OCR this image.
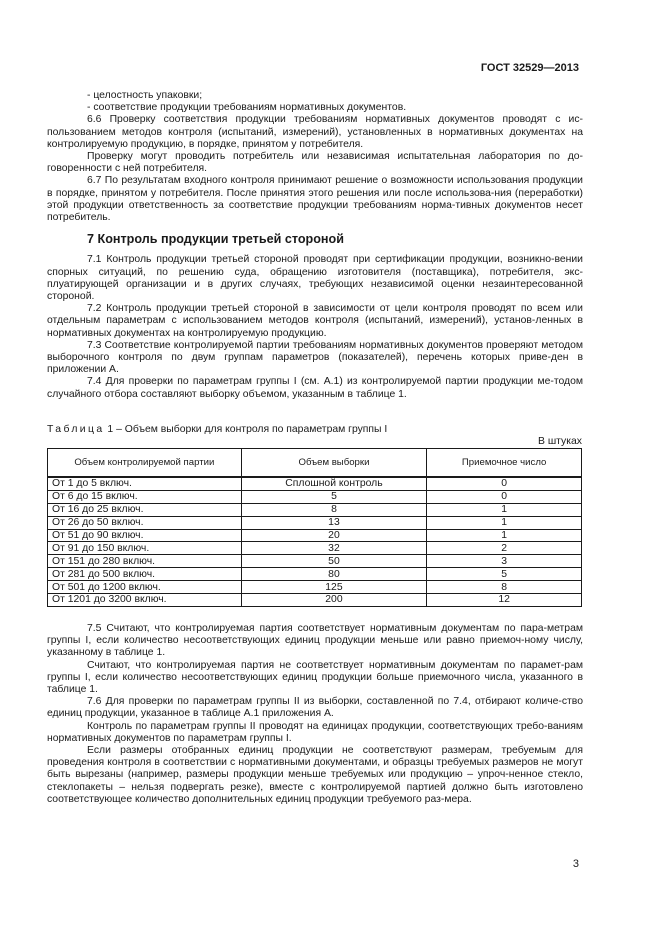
ГОСТ 32529—2013

- целостность упаковки;

- соответствие продукции требованиям нормативных документов.

6.6 Проверку соответствия продукции требованиям нормативных документов проводят с ис-пользованием методов контроля (испытаний, измерений), установленных в нормативных документах на контролируемую продукцию, в порядке, принятом у потребителя.

Проверку могут проводить потребитель или независимая испытательная лаборатория по до-говоренности с ней потребителя.

6.7 По результатам входного контроля принимают решение о возможности использования продукции в порядке, принятом у потребителя. После принятия этого решения или после использова-ния (переработки) этой продукции ответственность за соответствие продукции требованиям норма-тивных документов несет потребитель.

7 Контроль продукции третьей стороной

7.1 Контроль продукции третьей стороной проводят при сертификации продукции, возникно-вении спорных ситуаций, по решению суда, обращению изготовителя (поставщика), потребителя, экс-плуатирующей организации и в других случаях, требующих независимой оценки незаинтересованной стороной.

7.2 Контроль продукции третьей стороной в зависимости от цели контроля проводят по всем или отдельным параметрам с использованием методов контроля (испытаний, измерений), установ-ленных в нормативных документах на контролируемую продукцию.

7.3 Соответствие контролируемой партии требованиям нормативных документов проверяют методом выборочного контроля по двум группам параметров (показателей), перечень которых приве-ден в приложении А.

7.4 Для проверки по параметрам группы I (см. А.1) из контролируемой партии продукции ме-тодом случайного отбора составляют выборку объемом, указанным в таблице 1.

Таблица 1 – Объем выборки для контроля по параметрам группы I
В штуках
Объем контролируемой партии	Объем выборки	Приемочное число
От 1 до 5 включ.	Сплошной контроль	0
От 6 до 15 включ.	5	0
От 16 до 25 включ.	8	1
От 26 до 50 включ.	13	1
От 51 до 90 включ.	20	1
От 91 до 150 включ.	32	2
От 151 до 280 включ.	50	3
От 281 до 500 включ.	80	5
От 501 до 1200 включ.	125	8
От 1201 до 3200 включ.	200	12

7.5 Считают, что контролируемая партия соответствует нормативным документам по пара-метрам группы I, если количество несоответствующих единиц продукции меньше или равно приемоч-ному числу, указанному в таблице 1.

Считают, что контролируемая партия не соответствует нормативным документам по парамет-рам группы I, если количество несоответствующих единиц продукции больше приемочного числа, указанного в таблице 1.

7.6 Для проверки по параметрам группы II из выборки, составленной по 7.4, отбирают количе-ство единиц продукции, указанное в таблице А.1 приложения А.

Контроль по параметрам группы II проводят на единицах продукции, соответствующих требо-ваниям нормативных документов по параметрам группы I.

Если размеры отобранных единиц продукции не соответствуют размерам, требуемым для проведения контроля в соответствии с нормативными документами, и образцы требуемых размеров не могут быть вырезаны (например, размеры продукции меньше требуемых или продукцию – упроч-ненное стекло, стеклопакеты – нельзя подвергать резке), вместе с контролируемой партией должно быть изготовлено соответствующее количество дополнительных единиц продукции требуемого раз-мера.

3
